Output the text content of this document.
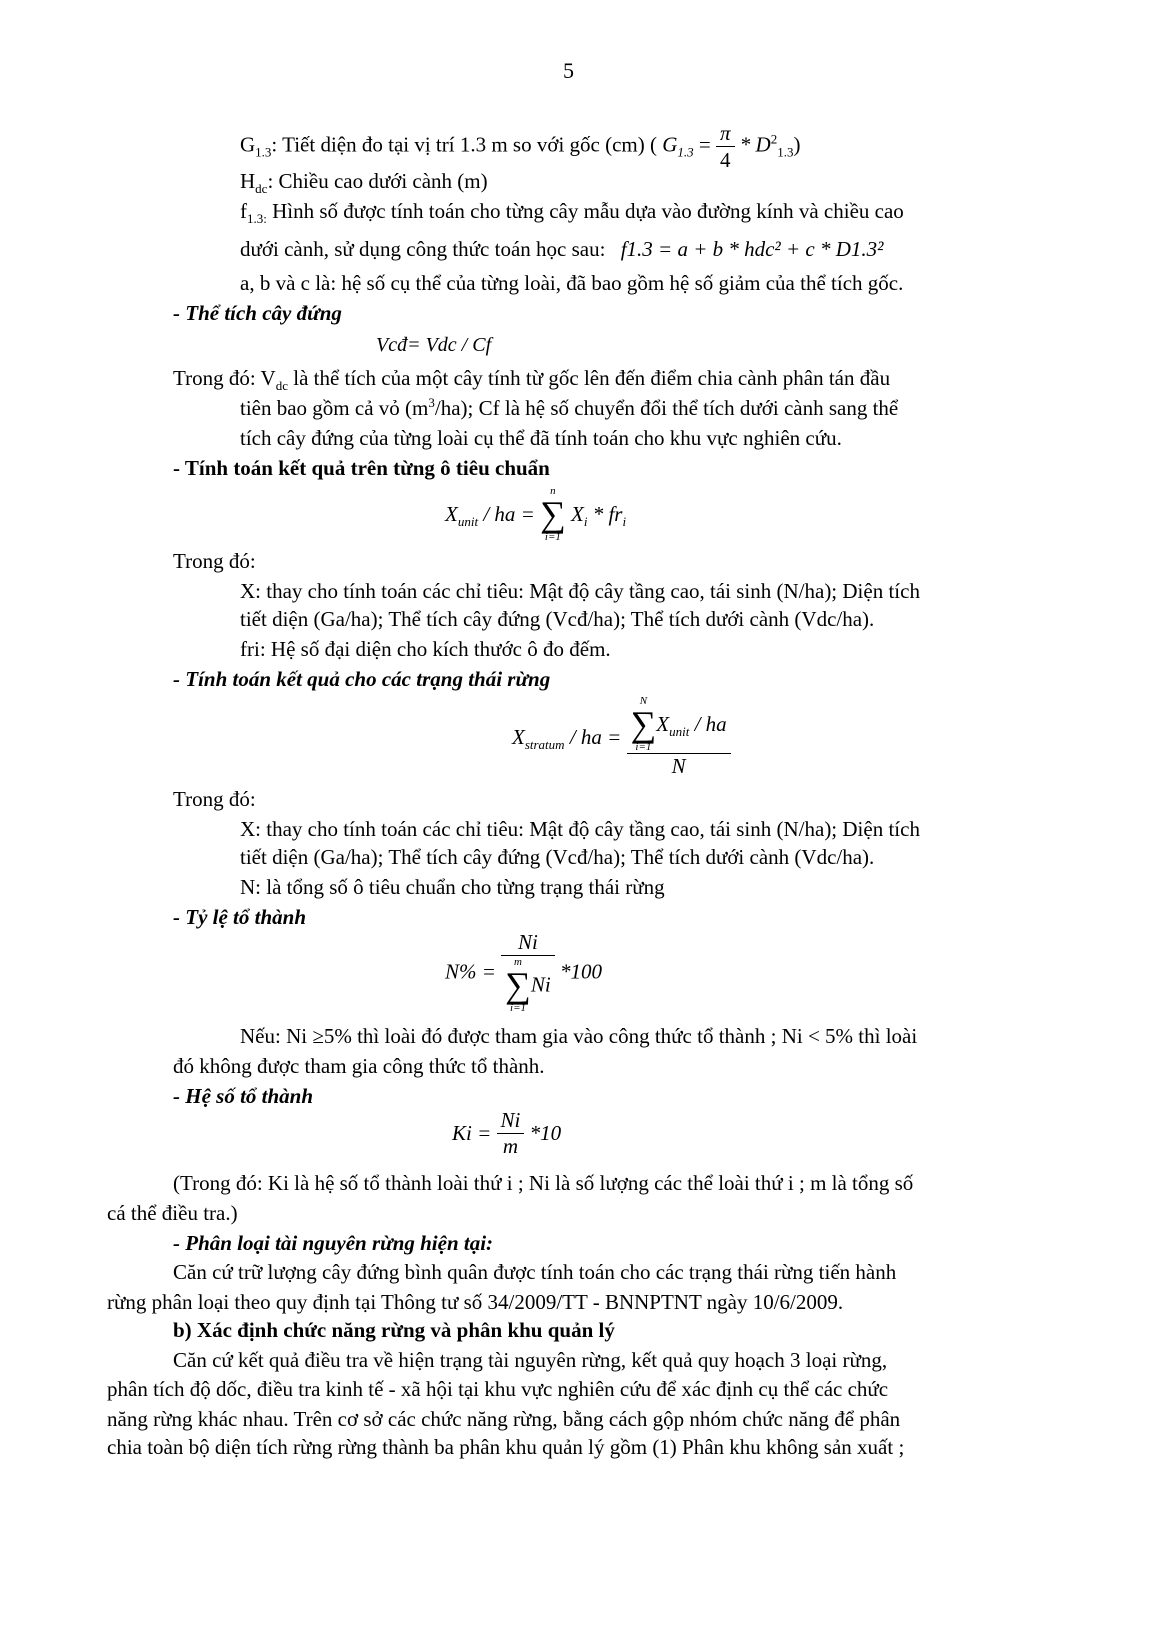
5
$G_{1.3}$: Tiết diện đo tại vị trí 1.3 m so với gốc (cm) ( $G_{1.3} = \frac{\pi}{4} * D^2_{1.3}$)
$H_{dc}$: Chiều cao dưới cành (m)
$f_{1.3:}$ Hình số được tính toán cho từng cây mẫu dựa vào đường kính và chiều cao
dưới cành, sử dụng công thức toán học sau: f1.3 = a + b * hdc² + c * D1.3²
a, b và c là: hệ số cụ thể của từng loài, đã bao gồm hệ số giảm của thể tích gốc.
- Thể tích cây đứng
Vcđ= Vdc / Cf
Trong đó: $V_{dc}$ là thể tích của một cây tính từ gốc lên đến điểm chia cành phân tán đầu
tiên bao gồm cả vỏ $(m^3/ha)$; Cf là hệ số chuyển đổi thể tích dưới cành sang thể
tích cây đứng của từng loài cụ thể đã tính toán cho khu vực nghiên cứu.
- Tính toán kết quả trên từng ô tiêu chuẩn
$X_{unit}$ / ha =
n
∑
i=1
$X_i * fr_i$
Trong đó:
X: thay cho tính toán các chỉ tiêu: Mật độ cây tầng cao, tái sinh (N/ha); Diện tích
tiết diện (Ga/ha); Thể tích cây đứng (Vcđ/ha); Thể tích dưới cành (Vdc/ha).
fri: Hệ số đại diện cho kích thước ô đo đếm.
- Tính toán kết quả cho các trạng thái rừng
$X_{stratum}$ / ha = N
∑
i=1
$X_{unit}$ / ha
N
Trong đó:
X: thay cho tính toán các chỉ tiêu: Mật độ cây tầng cao, tái sinh (N/ha); Diện tích
tiết diện (Ga/ha); Thể tích cây đứng (Vcđ/ha); Thể tích dưới cành (Vdc/ha).
N: là tổng số ô tiêu chuẩn cho từng trạng thái rừng
- Tỷ lệ tổ thành
N% = Ni
m
∑
i=1
Ni *100
Nếu: Ni ≥5% thì loài đó được tham gia vào công thức tổ thành ; Ni < 5% thì loài
đó không được tham gia công thức tổ thành.
- Hệ số tổ thành
$Ki = \frac{Ni}{m} *10$
(Trong đó: Ki là hệ số tổ thành loài thứ i ; Ni là số lượng các thể loài thứ i ; m là tổng số
cá thể điều tra.)
- Phân loại tài nguyên rừng hiện tại:
Căn cứ trữ lượng cây đứng bình quân được tính toán cho các trạng thái rừng tiến hành
rừng phân loại theo quy định tại Thông tư số 34/2009/TT - BNNPTNT ngày 10/6/2009.
b) Xác định chức năng rừng và phân khu quản lý
Căn cứ kết quả điều tra về hiện trạng tài nguyên rừng, kết quả quy hoạch 3 loại rừng,
phân tích độ dốc, điều tra kinh tế - xã hội tại khu vực nghiên cứu để xác định cụ thể các chức
năng rừng khác nhau. Trên cơ sở các chức năng rừng, bằng cách gộp nhóm chức năng để phân
chia toàn bộ diện tích rừng rừng thành ba phân khu quản lý gồm (1) Phân khu không sản xuất ;
